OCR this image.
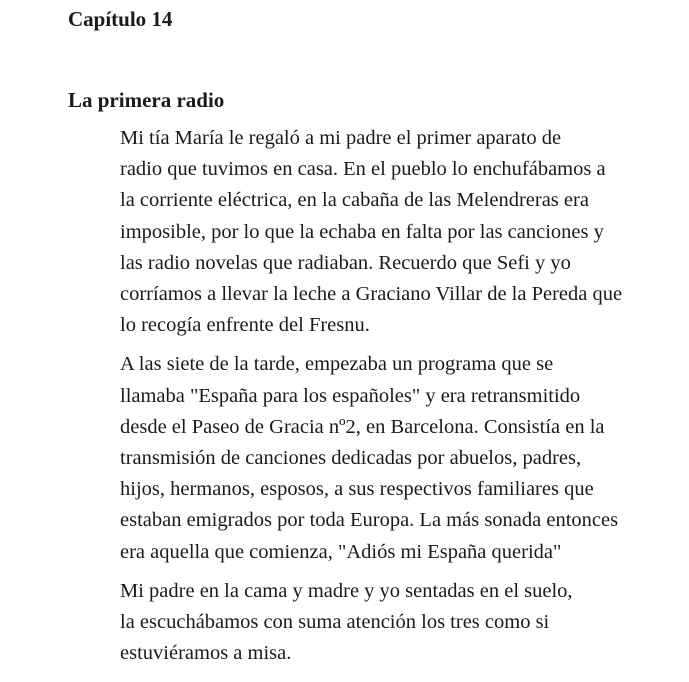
Capítulo 14
La primera radio

Mi tía María le regaló a mi padre el primer aparato de
radio que tuvimos en casa. En el pueblo lo enchufábamos a
la corriente eléctrica, en la cabaña de las Melendreras era
imposible, por lo que la echaba en falta por las canciones y
las radio novelas que radiaban. Recuerdo que Sefi y yo
corríamos a llevar la leche a Graciano Villar de la Pereda que
lo recogía enfrente del Fresnu.

A las siete de la tarde, empezaba un programa que se
llamaba "España para los españoles" y era retransmitido
desde el Paseo de Gracia nº2, en Barcelona. Consistía en la
transmisión de canciones dedicadas por abuelos, padres,
hijos, hermanos, esposos, a sus respectivos familiares que
estaban emigrados por toda Europa. La más sonada entonces
era aquella que comienza, "Adiós mi España querida"

Mi padre en la cama y madre y yo sentadas en el suelo,
la escuchábamos con suma atención los tres como si
estuviéramos a misa.
